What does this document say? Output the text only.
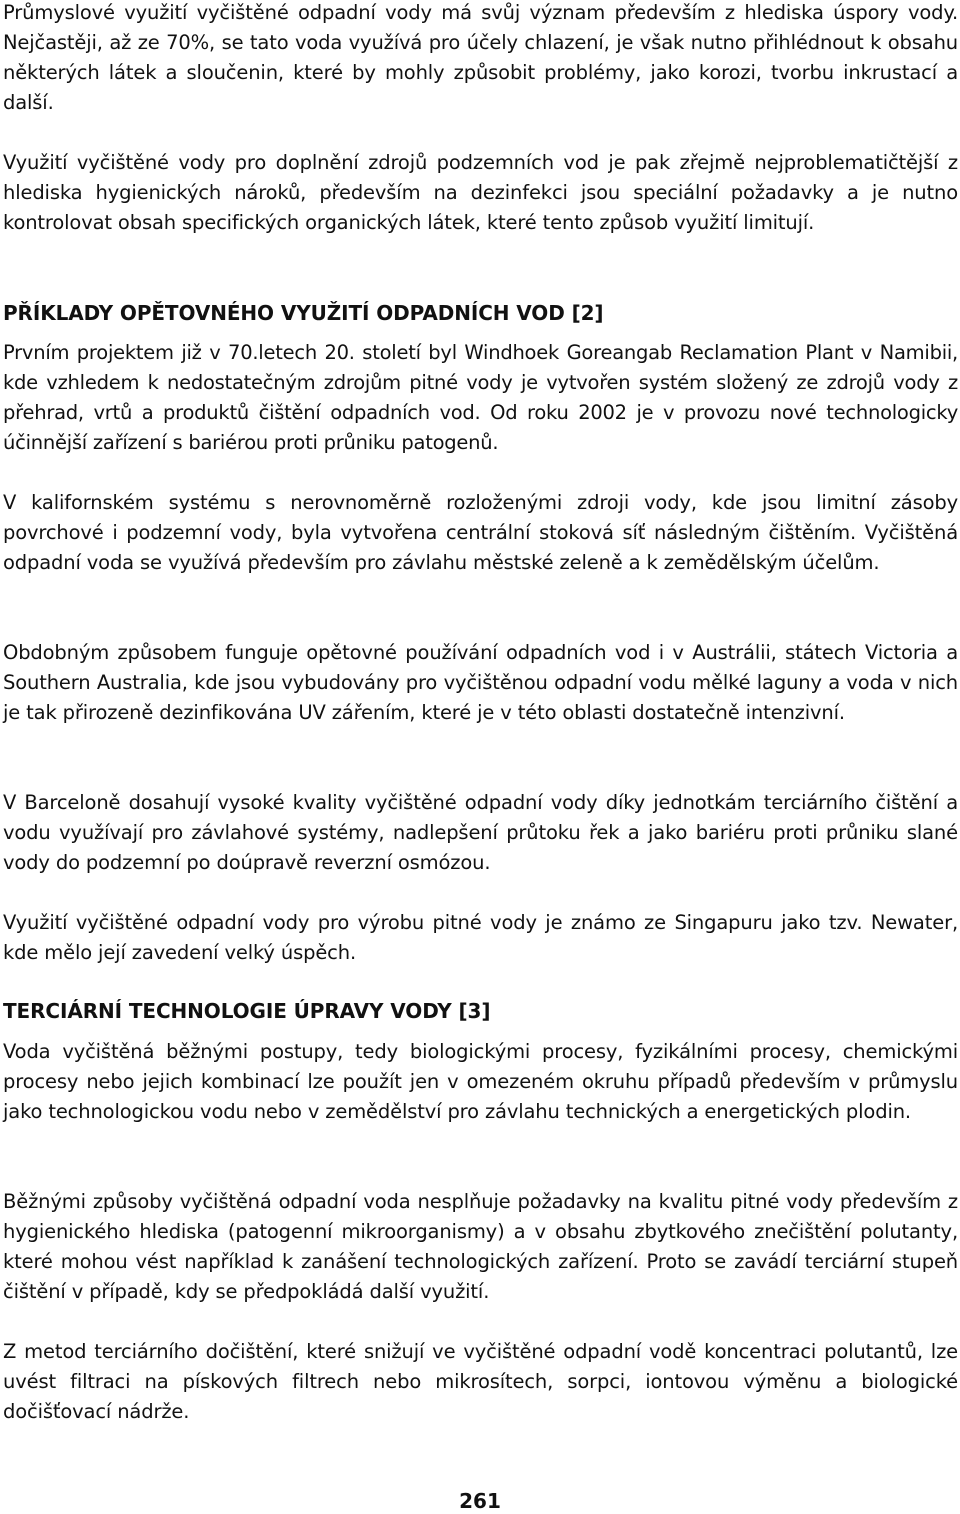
Průmyslové využití vyčištěné odpadní vody má svůj význam především z hlediska úspory vody. Nejčastěji, až ze 70%, se tato voda využívá pro účely chlazení, je však nutno přihlédnout k obsahu některých látek a sloučenin, které by mohly způsobit problémy, jako korozi, tvorbu inkrustací a další.

Využití vyčištěné vody pro doplnění zdrojů podzemních vod je pak zřejmě nejproblematičtější z hlediska hygienických nároků, především na dezinfekci jsou speciální požadavky a je nutno kontrolovat obsah specifických organických látek, které tento způsob využití limitují.

PŘÍKLADY OPĚTOVNÉHO VYUŽITÍ ODPADNÍCH VOD [2]

Prvním projektem již v 70.letech 20. století byl Windhoek Goreangab Reclamation Plant v Namibii, kde vzhledem k nedostatečným zdrojům pitné vody je vytvořen systém složený ze zdrojů vody z přehrad, vrtů a produktů čištění odpadních vod. Od roku 2002 je v provozu nové technologicky účinnější zařízení s bariérou proti průniku patogenů.

V kalifornském systému s nerovnoměrně rozloženými zdroji vody, kde jsou limitní zásoby povrchové i podzemní vody, byla vytvořena centrální stoková síť následným čištěním. Vyčištěná odpadní voda se využívá především pro závlahu městské zeleně a k zemědělským účelům.

Obdobným způsobem funguje opětovné používání odpadních vod i v Austrálii, státech Victoria a Southern Australia, kde jsou vybudovány pro vyčištěnou odpadní vodu mělké laguny a voda v nich je tak přirozeně dezinfikována UV zářením, které je v této oblasti dostatečně intenzivní.

V Barceloně dosahují vysoké kvality vyčištěné odpadní vody díky jednotkám terciárního čištění a vodu využívají pro závlahové systémy, nadlepšení průtoku řek a jako bariéru proti průniku slané vody do podzemní po doúpravě reverzní osmózou.

Využití vyčištěné odpadní vody pro výrobu pitné vody je známo ze Singapuru jako tzv. Newater, kde mělo její zavedení velký úspěch.

TERCIÁRNÍ TECHNOLOGIE ÚPRAVY VODY [3]

Voda vyčištěná běžnými postupy, tedy biologickými procesy, fyzikálními procesy, chemickými procesy nebo jejich kombinací lze použít jen v omezeném okruhu případů především v průmyslu jako technologickou vodu nebo v zemědělství pro závlahu technických a energetických plodin.

Běžnými způsoby vyčištěná odpadní voda nesplňuje požadavky na kvalitu pitné vody především z hygienického hlediska (patogenní mikroorganismy) a v obsahu zbytkového znečištění polutanty, které mohou vést například k zanášení technologických zařízení. Proto se zavádí terciární stupeň čištění v případě, kdy se předpokládá další využití.

Z metod terciárního dočištění, které snižují ve vyčištěné odpadní vodě koncentraci polutantů, lze uvést filtraci na pískových filtrech nebo mikrosítech, sorpci, iontovou výměnu a biologické dočišťovací nádrže.

261
